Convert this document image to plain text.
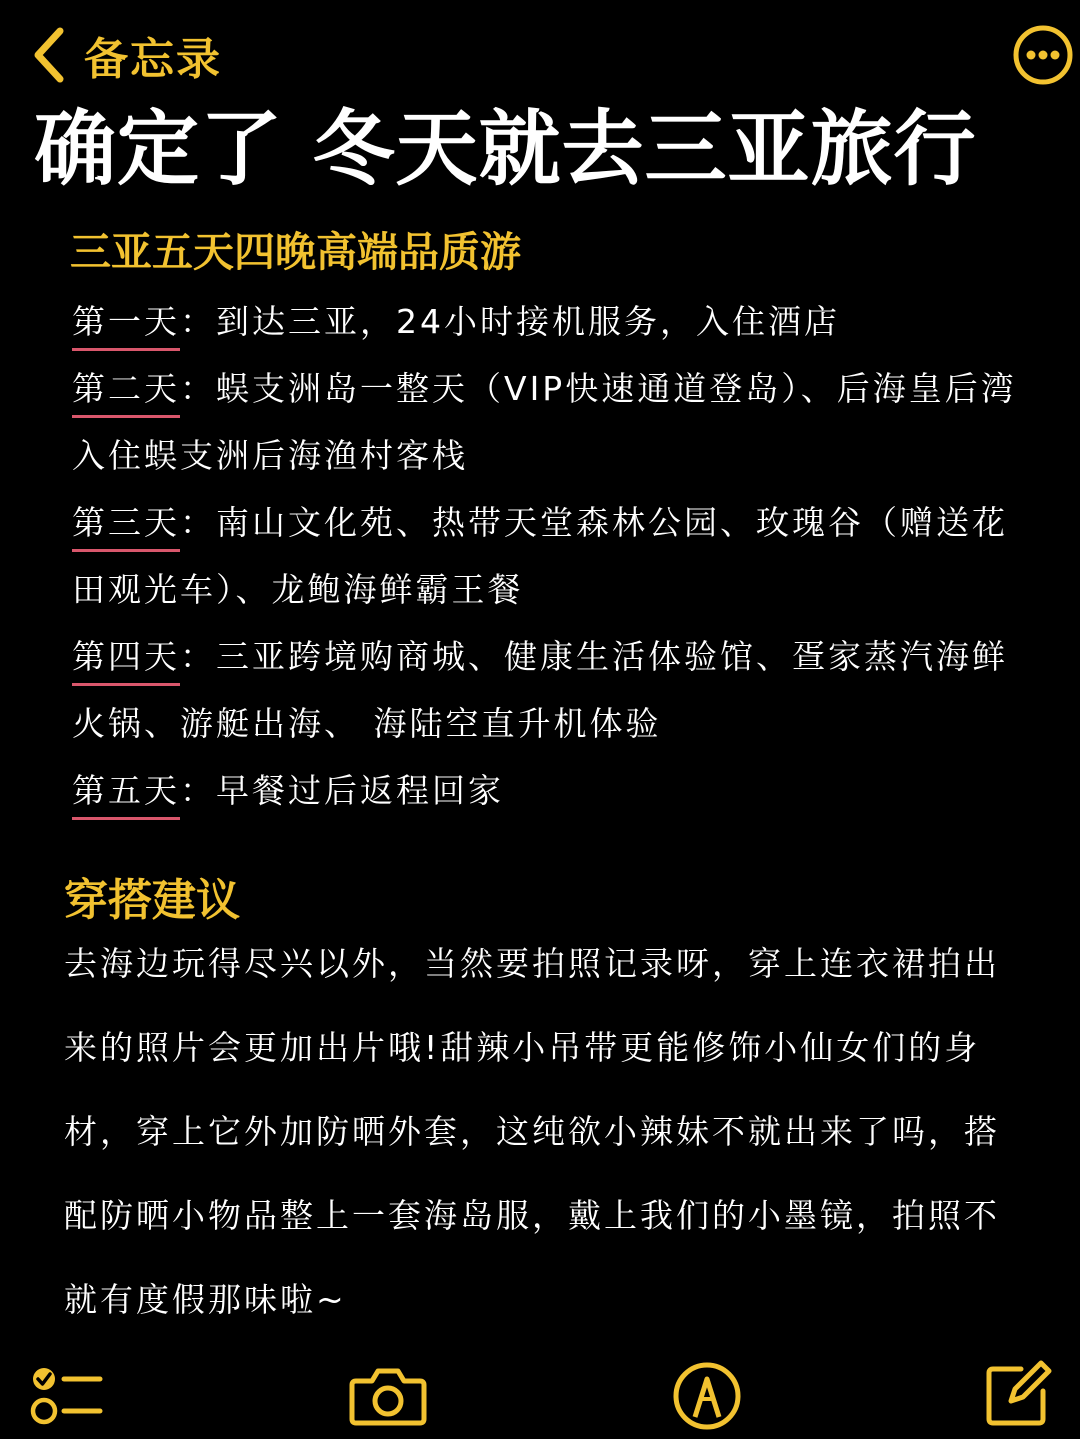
备忘录
确定了 冬天就去三亚旅行
三亚五天四晚高端品质游

第一天：到达三亚，24小时接机服务，入住酒店

第二天：蜈支洲岛一整天（VIP快速通道登岛）、后海皇后湾入住蜈支洲后海渔村客栈

第三天：南山文化苑、热带天堂森林公园、玫瑰谷（赠送花田观光车）、龙鲍海鲜霸王餐

第四天：三亚跨境购商城、健康生活体验馆、疍家蒸汽海鲜火锅、游艇出海、 海陆空直升机体验

第五天：早餐过后返程回家

穿搭建议

去海边玩得尽兴以外，当然要拍照记录呀，穿上连衣裙拍出来的照片会更加出片哦!甜辣小吊带更能修饰小仙女们的身材，穿上它外加防晒外套，这纯欲小辣妹不就出来了吗，搭配防晒小物品整上一套海岛服，戴上我们的小墨镜，拍照不就有度假那味啦~
